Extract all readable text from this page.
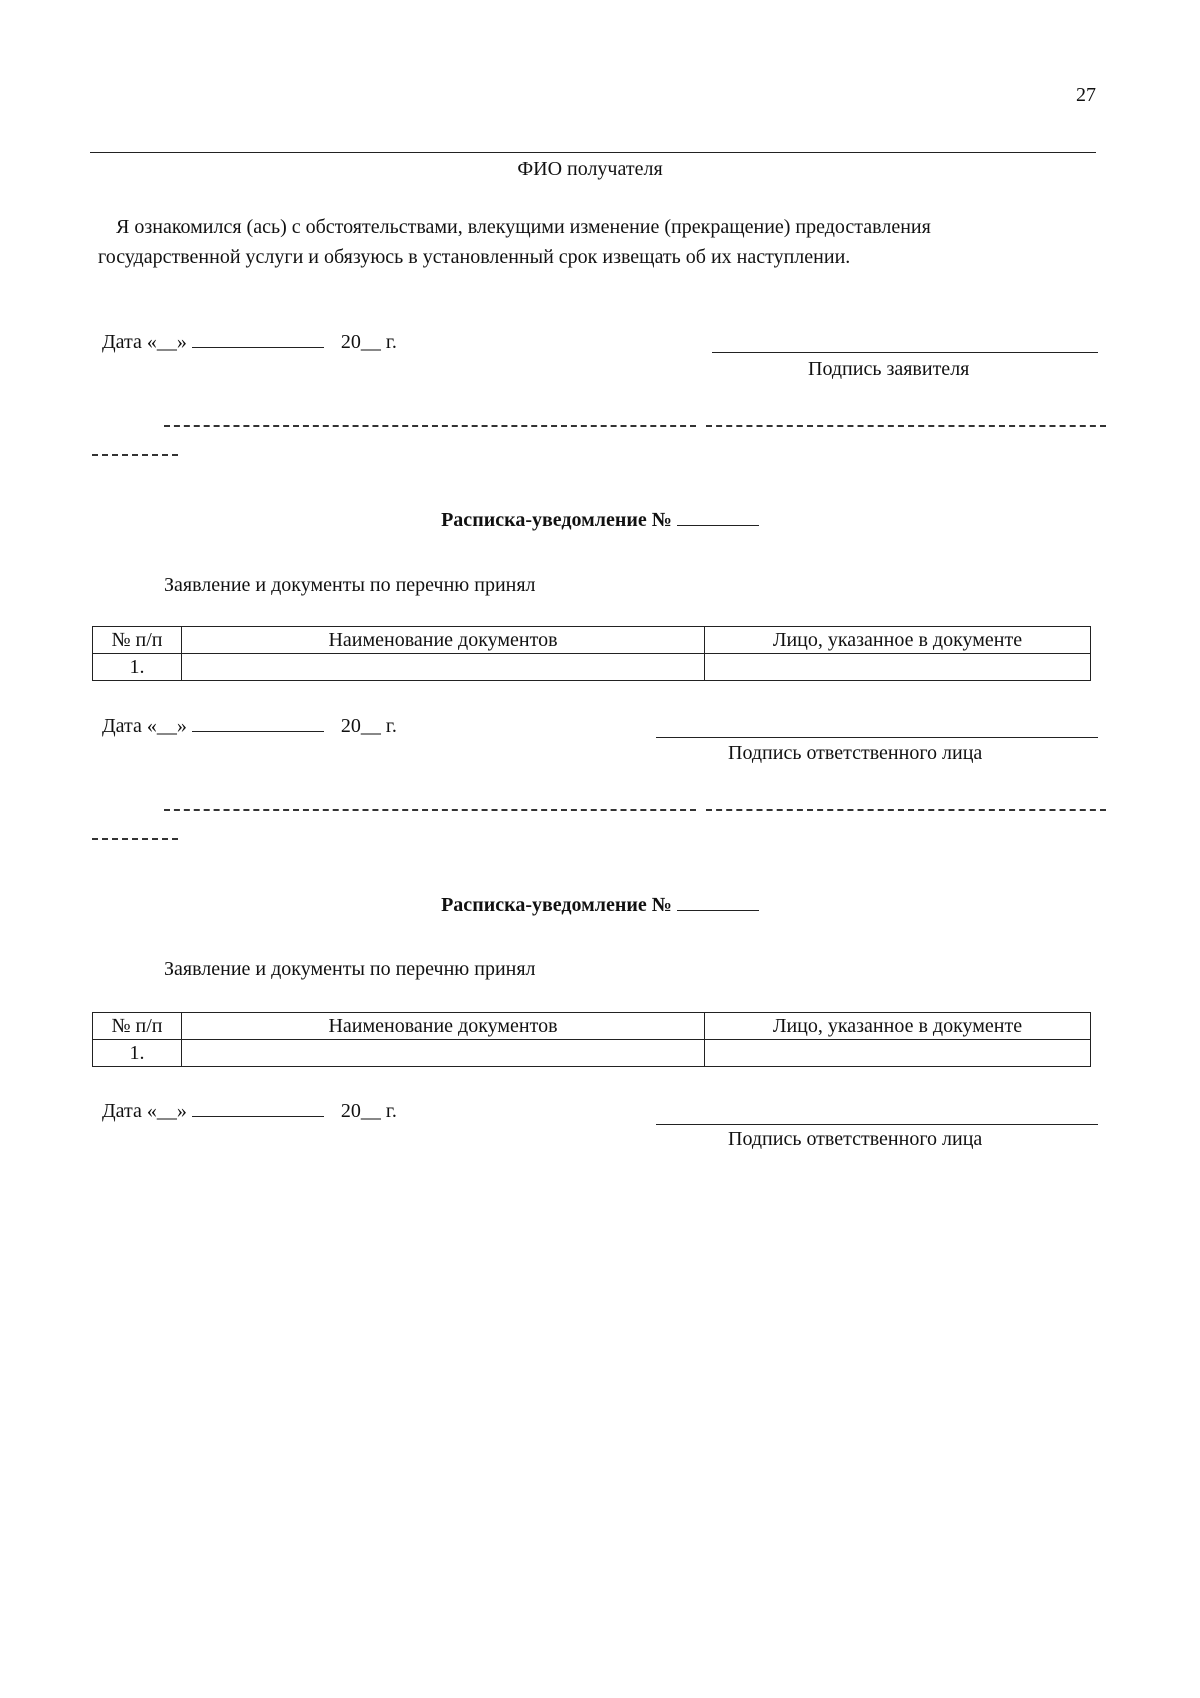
27
ФИО получателя
Я ознакомился (ась) с обстоятельствами, влекущими изменение (прекращение) предоставления
государственной услуги и обязуюсь в установленный срок извещать об их наступлении.
Дата «__»	20__ г.
Подпись заявителя
Расписка-уведомление №
Заявление и документы по перечню принял
№ п/п	Наименование документов	Лицо, указанное в документе
1.		
Дата «__»	20__ г.
Подпись ответственного лица
Расписка-уведомление №
Заявление и документы по перечню принял
№ п/п	Наименование документов	Лицо, указанное в документе
1.		
Дата «__»	20__ г.
Подпись ответственного лица
